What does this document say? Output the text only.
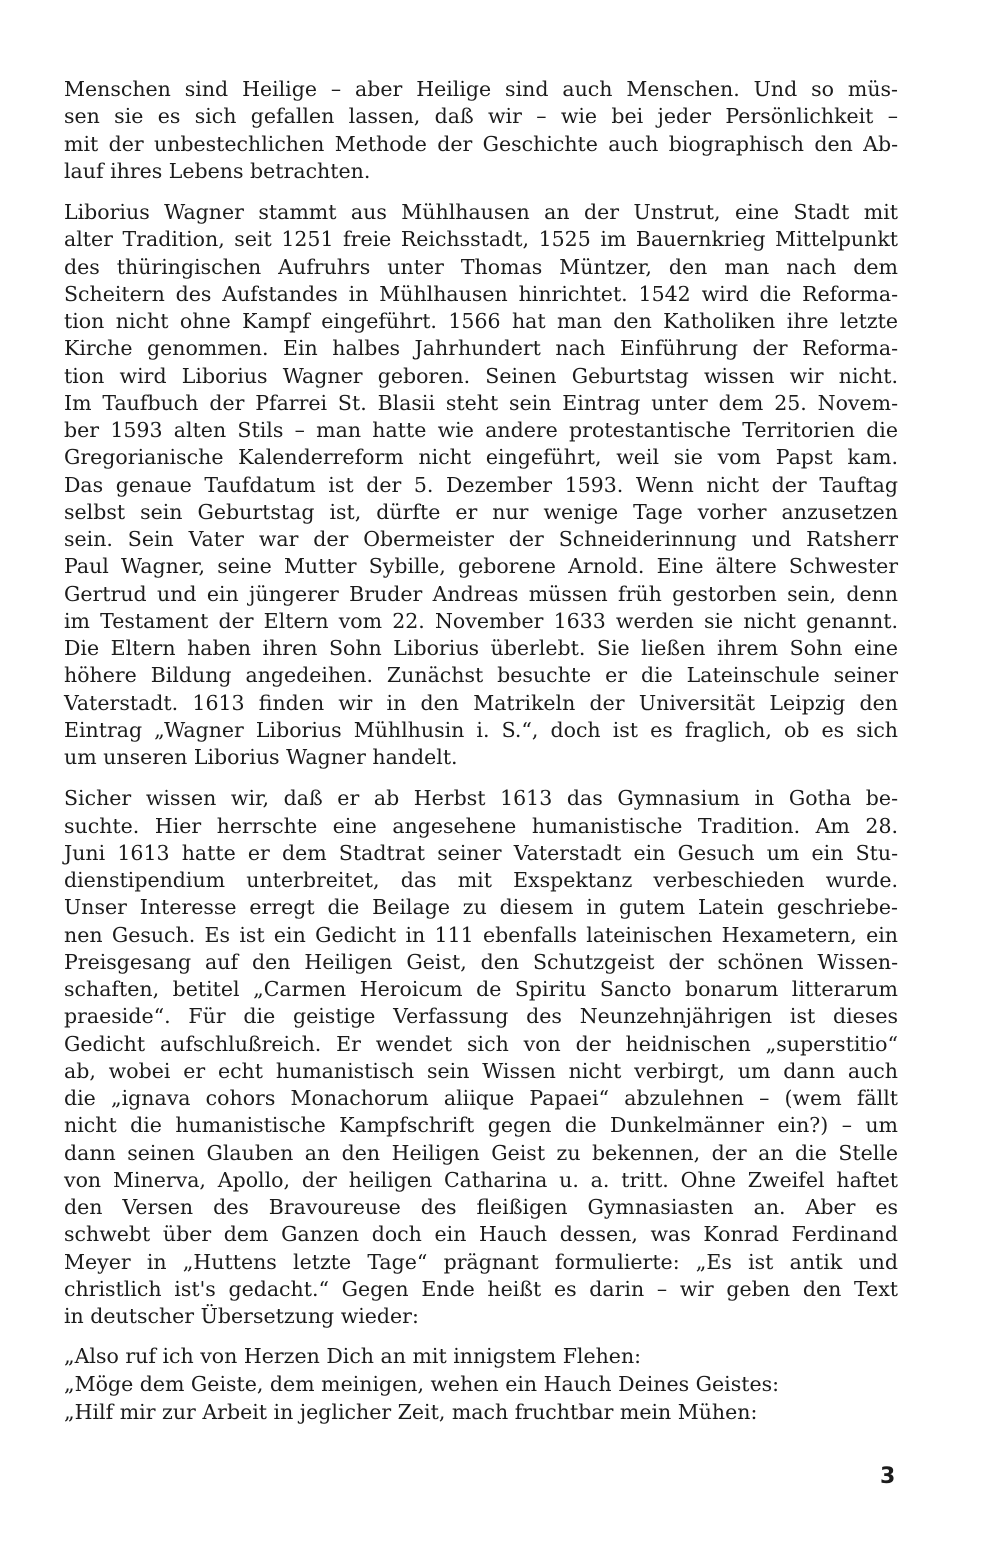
Menschen sind Heilige – aber Heilige sind auch Menschen. Und so müs-
sen sie es sich gefallen lassen, daß wir – wie bei jeder Persönlichkeit –
mit der unbestechlichen Methode der Geschichte auch biographisch den Ab-
lauf ihres Lebens betrachten.
Liborius Wagner stammt aus Mühlhausen an der Unstrut, eine Stadt mit
alter Tradition, seit 1251 freie Reichsstadt, 1525 im Bauernkrieg Mittelpunkt
des thüringischen Aufruhrs unter Thomas Müntzer, den man nach dem
Scheitern des Aufstandes in Mühlhausen hinrichtet. 1542 wird die Reforma-
tion nicht ohne Kampf eingeführt. 1566 hat man den Katholiken ihre letzte
Kirche genommen. Ein halbes Jahrhundert nach Einführung der Reforma-
tion wird Liborius Wagner geboren. Seinen Geburtstag wissen wir nicht.
Im Taufbuch der Pfarrei St. Blasii steht sein Eintrag unter dem 25. Novem-
ber 1593 alten Stils – man hatte wie andere protestantische Territorien die
Gregorianische Kalenderreform nicht eingeführt, weil sie vom Papst kam.
Das genaue Taufdatum ist der 5. Dezember 1593. Wenn nicht der Tauftag
selbst sein Geburtstag ist, dürfte er nur wenige Tage vorher anzusetzen
sein. Sein Vater war der Obermeister der Schneiderinnung und Ratsherr
Paul Wagner, seine Mutter Sybille, geborene Arnold. Eine ältere Schwester
Gertrud und ein jüngerer Bruder Andreas müssen früh gestorben sein, denn
im Testament der Eltern vom 22. November 1633 werden sie nicht genannt.
Die Eltern haben ihren Sohn Liborius überlebt. Sie ließen ihrem Sohn eine
höhere Bildung angedeihen. Zunächst besuchte er die Lateinschule seiner
Vaterstadt. 1613 finden wir in den Matrikeln der Universität Leipzig den
Eintrag „Wagner Liborius Mühlhusin i. S.“, doch ist es fraglich, ob es sich
um unseren Liborius Wagner handelt.
Sicher wissen wir, daß er ab Herbst 1613 das Gymnasium in Gotha be-
suchte. Hier herrschte eine angesehene humanistische Tradition. Am 28.
Juni 1613 hatte er dem Stadtrat seiner Vaterstadt ein Gesuch um ein Stu-
dienstipendium unterbreitet, das mit Exspektanz verbeschieden wurde.
Unser Interesse erregt die Beilage zu diesem in gutem Latein geschriebe-
nen Gesuch. Es ist ein Gedicht in 111 ebenfalls lateinischen Hexametern, ein
Preisgesang auf den Heiligen Geist, den Schutzgeist der schönen Wissen-
schaften, betitel „Carmen Heroicum de Spiritu Sancto bonarum litterarum
praeside“. Für die geistige Verfassung des Neunzehnjährigen ist dieses
Gedicht aufschlußreich. Er wendet sich von der heidnischen „superstitio“
ab, wobei er echt humanistisch sein Wissen nicht verbirgt, um dann auch
die „ignava cohors Monachorum aliique Papaei“ abzulehnen – (wem fällt
nicht die humanistische Kampfschrift gegen die Dunkelmänner ein?) – um
dann seinen Glauben an den Heiligen Geist zu bekennen, der an die Stelle
von Minerva, Apollo, der heiligen Catharina u. a. tritt. Ohne Zweifel haftet
den Versen des Bravoureuse des fleißigen Gymnasiasten an. Aber es
schwebt über dem Ganzen doch ein Hauch dessen, was Konrad Ferdinand
Meyer in „Huttens letzte Tage“ prägnant formulierte: „Es ist antik und
christlich ist's gedacht.“ Gegen Ende heißt es darin – wir geben den Text
in deutscher Übersetzung wieder:
„Also ruf ich von Herzen Dich an mit innigstem Flehen:
„Möge dem Geiste, dem meinigen, wehen ein Hauch Deines Geistes:
„Hilf mir zur Arbeit in jeglicher Zeit, mach fruchtbar mein Mühen:
3
